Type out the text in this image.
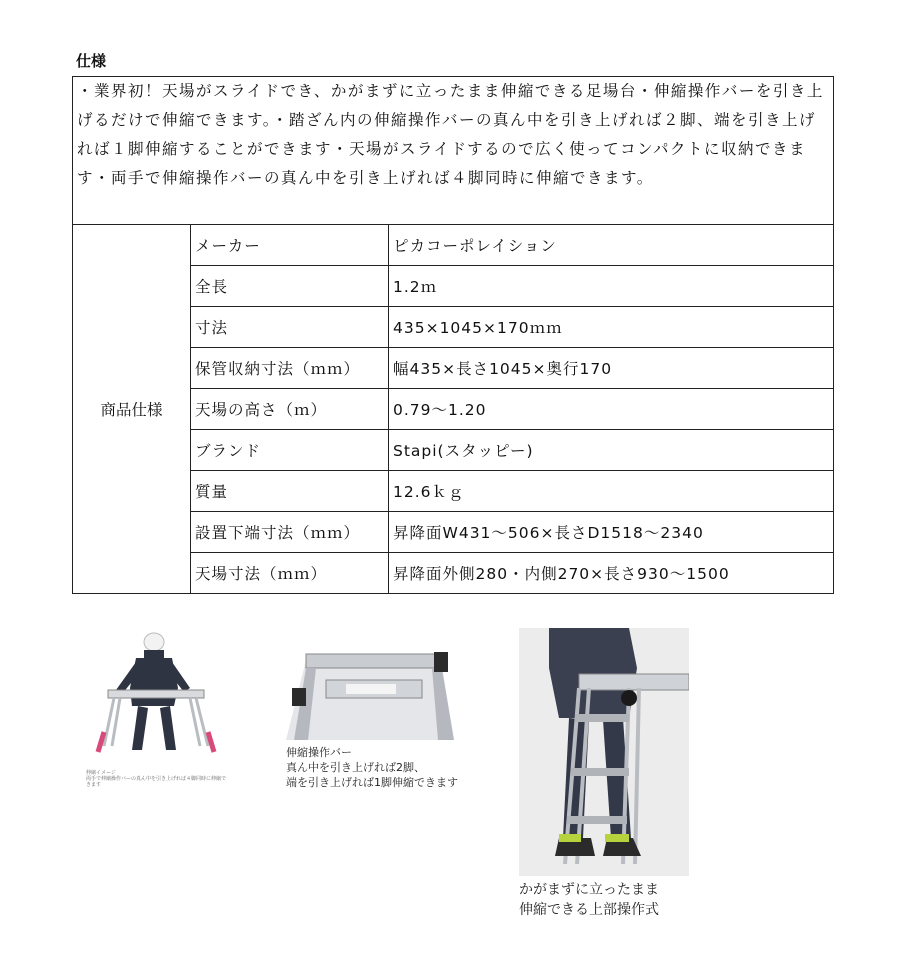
仕様
・業界初！天場がスライドでき、かがまずに立ったまま伸縮できる足場台・伸縮操作バーを引き上げるだけで伸縮できます。・踏ざん内の伸縮操作バーの真ん中を引き上げれば２脚、端を引き上げれば１脚伸縮することができます・天場がスライドするので広く使ってコンパクトに収納できます・両手で伸縮操作バーの真ん中を引き上げれば４脚同時に伸縮できます。		
商品仕様	メーカー	ピカコーポレイション
	全長	1.2ｍ
	寸法	435×1045×170ｍｍ
	保管収納寸法（ｍｍ）	幅435×長さ1045×奥行170
	天場の高さ（ｍ）	0.79～1.20
	ブランド	Stapi(スタッピー)
	質量	12.6ｋｇ
	設置下端寸法（ｍｍ）	昇降面W431～506×長さD1518～2340
	天場寸法（ｍｍ）	昇降面外側280・内側270×長さ930～1500
伸縮イメージ
両手で伸縮操作バーの真ん中を引き上げれば４脚同時に伸縮できます
伸縮操作バー
真ん中を引き上げれば2脚、
端を引き上げれば1脚伸縮できます
かがまずに立ったまま
伸縮できる上部操作式
